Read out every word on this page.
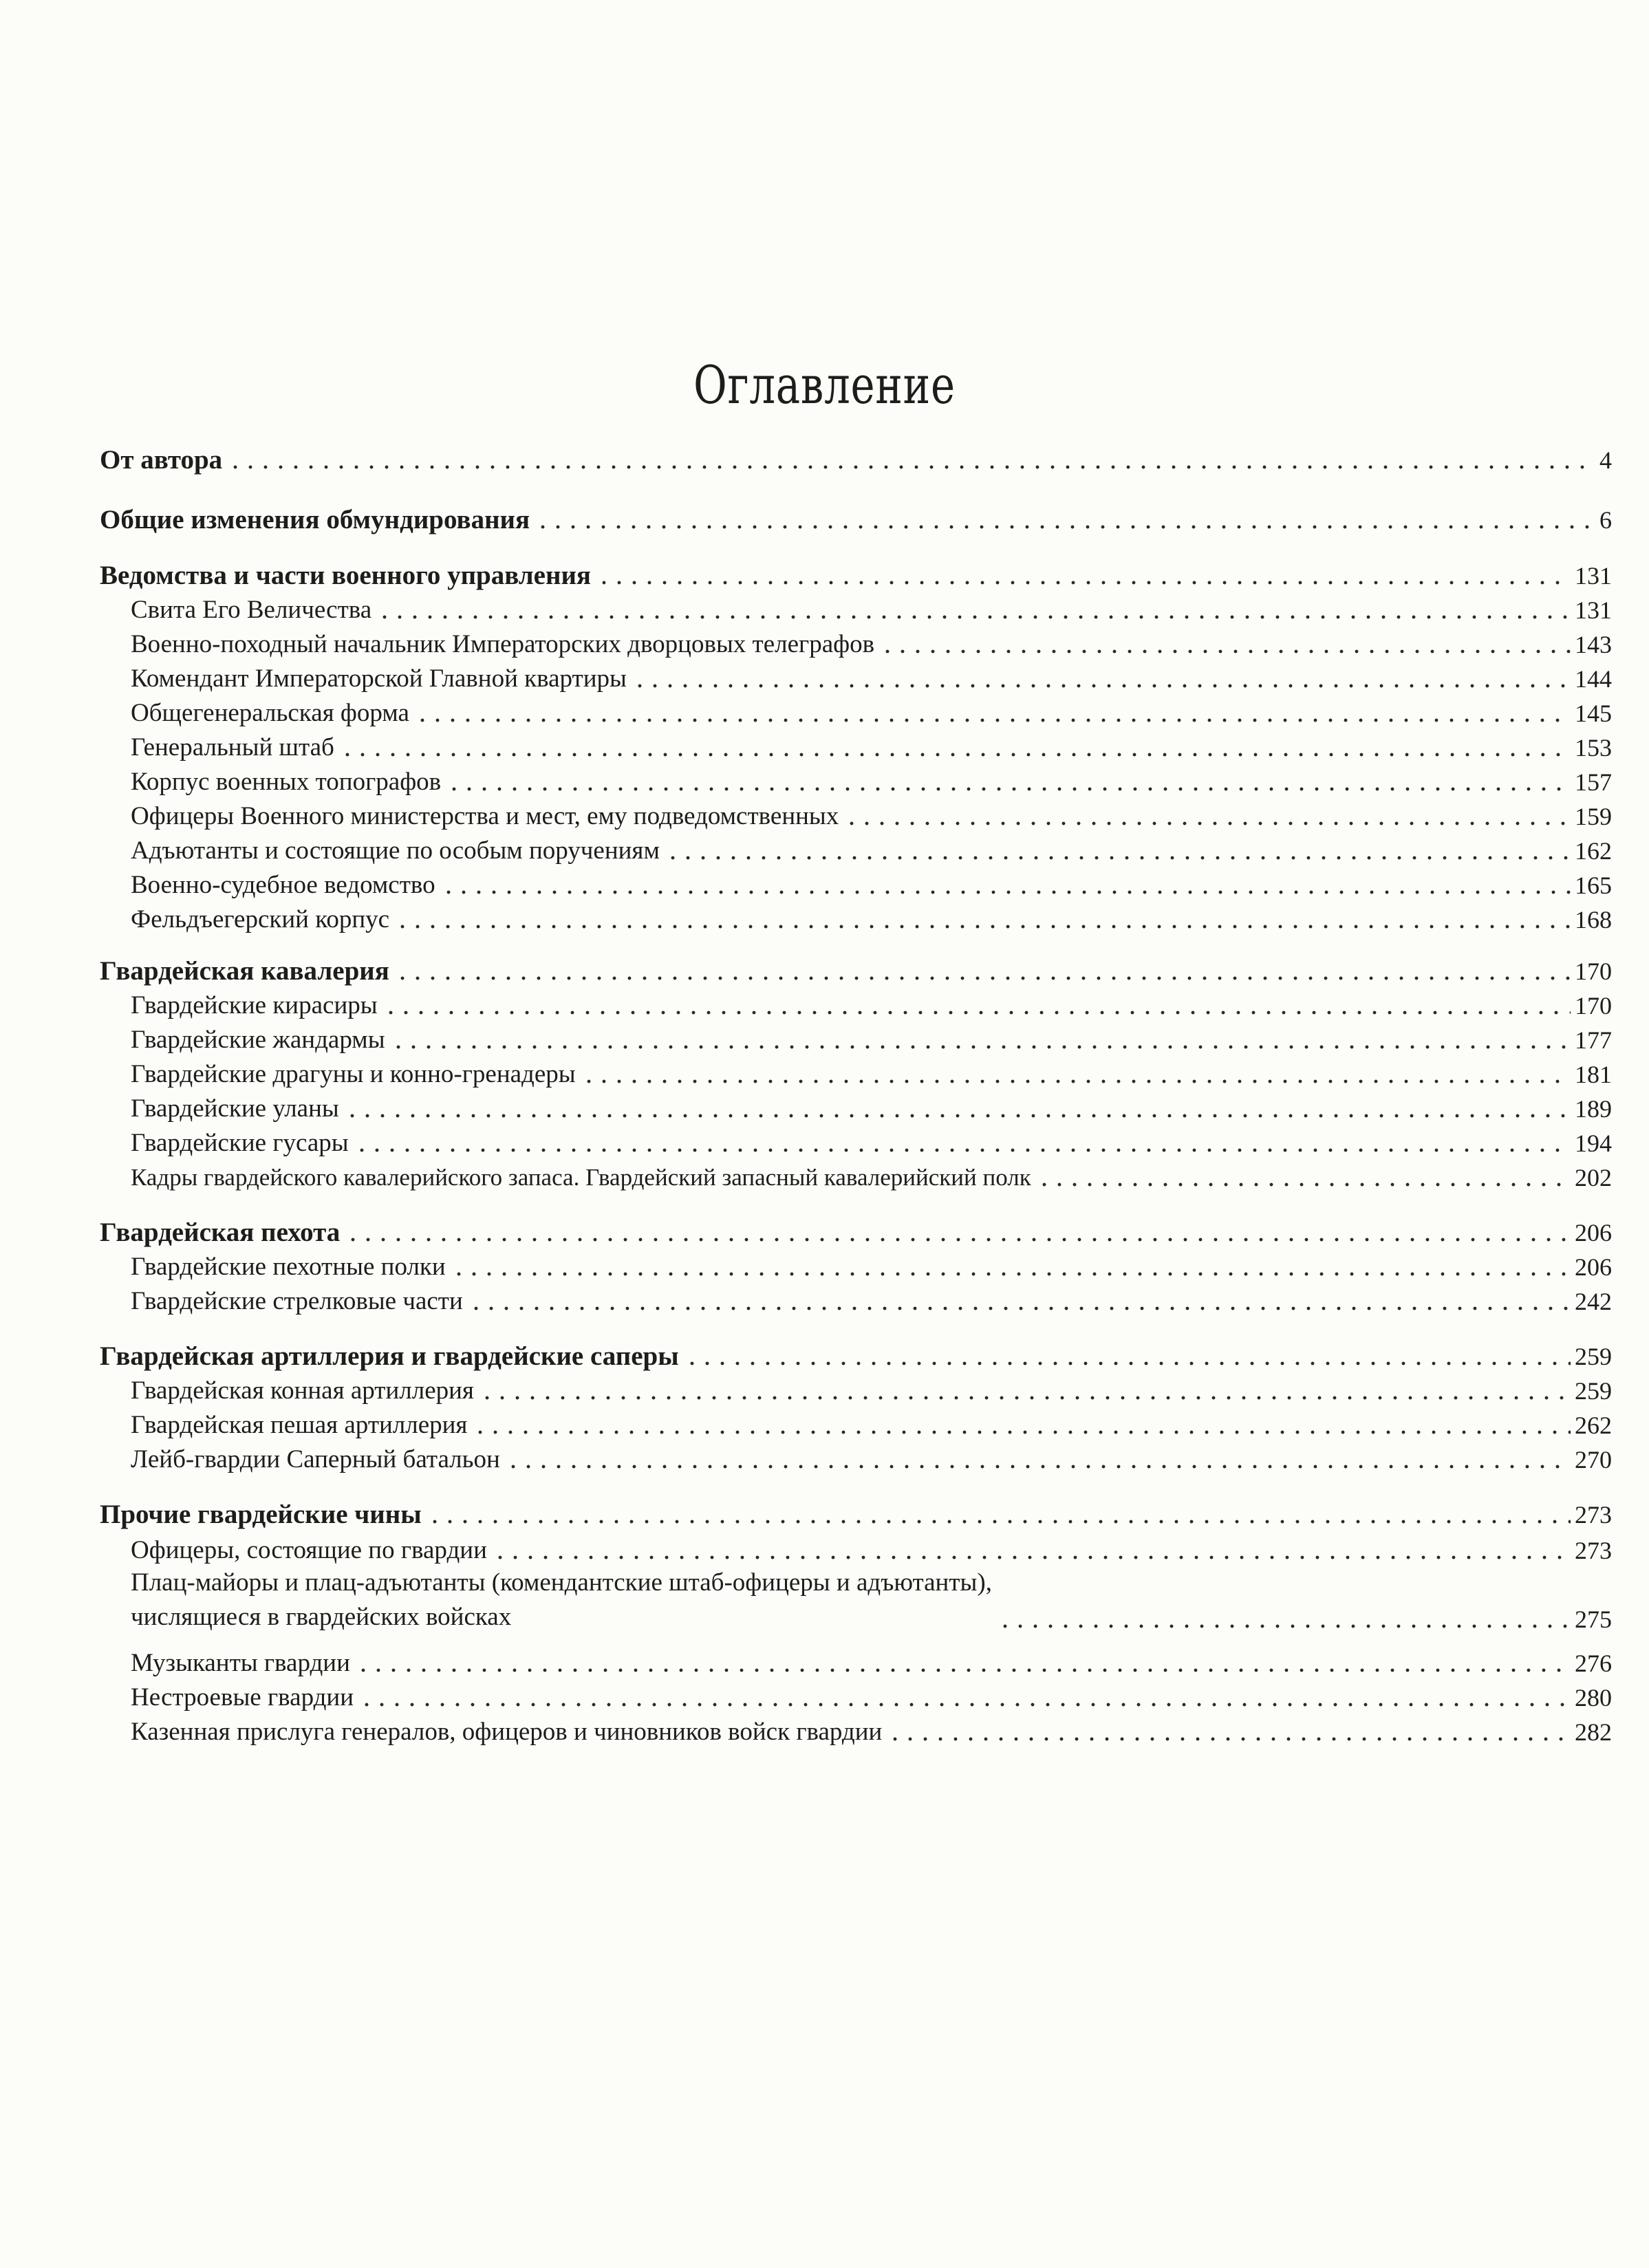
Оглавление
От автора	4
Общие изменения обмундирования	6
Ведомства и части военного управления	131
Свита Его Величества	131
Военно-походный начальник Императорских дворцовых телеграфов	143
Комендант Императорской Главной квартиры	144
Общегенеральская форма	145
Генеральный штаб	153
Корпус военных топографов	157
Офицеры Военного министерства и мест, ему подведомственных	159
Адъютанты и состоящие по особым поручениям	162
Военно-судебное ведомство	165
Фельдъегерский корпус	168
Гвардейская кавалерия	170
Гвардейские кирасиры	170
Гвардейские жандармы	177
Гвардейские драгуны и конно-гренадеры	181
Гвардейские уланы	189
Гвардейские гусары	194
Кадры гвардейского кавалерийского запаса. Гвардейский запасный кавалерийский полк	202
Гвардейская пехота	206
Гвардейские пехотные полки	206
Гвардейские стрелковые части	242
Гвардейская артиллерия и гвардейские саперы	259
Гвардейская конная артиллерия	259
Гвардейская пешая артиллерия	262
Лейб-гвардии Саперный батальон	270
Прочие гвардейские чины	273
Офицеры, состоящие по гвардии	273
Плац-майоры и плац-адъютанты (комендантские штаб-офицеры и адъютанты),
числящиеся в гвардейских войсках	275
Музыканты гвардии	276
Нестроевые гвардии	280
Казенная прислуга генералов, офицеров и чиновников войск гвардии	282
